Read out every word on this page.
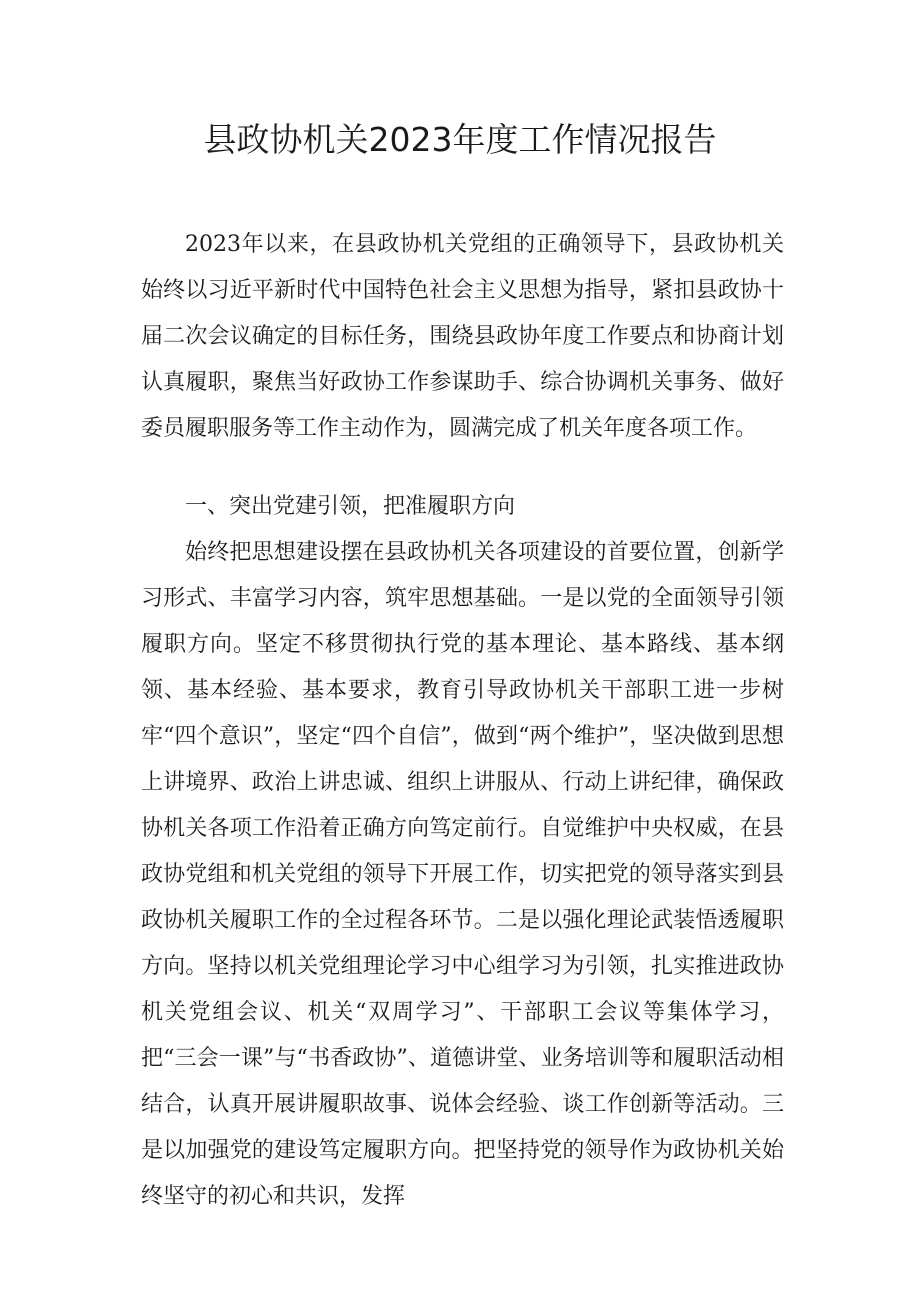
县政协机关2023年度工作情况报告

2023年以来，在县政协机关党组的正确领导下，县政协机关始终以习近平新时代中国特色社会主义思想为指导，紧扣县政协十届二次会议确定的目标任务，围绕县政协年度工作要点和协商计划认真履职，聚焦当好政协工作参谋助手、综合协调机关事务、做好委员履职服务等工作主动作为，圆满完成了机关年度各项工作。

一、突出党建引领，把准履职方向

始终把思想建设摆在县政协机关各项建设的首要位置，创新学习形式、丰富学习内容，筑牢思想基础。一是以党的全面领导引领履职方向。坚定不移贯彻执行党的基本理论、基本路线、基本纲领、基本经验、基本要求，教育引导政协机关干部职工进一步树牢“四个意识”，坚定“四个自信”，做到“两个维护”，坚决做到思想上讲境界、政治上讲忠诚、组织上讲服从、行动上讲纪律，确保政协机关各项工作沿着正确方向笃定前行。自觉维护中央权威，在县政协党组和机关党组的领导下开展工作，切实把党的领导落实到县政协机关履职工作的全过程各环节。二是以强化理论武装悟透履职方向。坚持以机关党组理论学习中心组学习为引领，扎实推进政协机关党组会议、机关“双周学习”、干部职工会议等集体学习，把“三会一课”与“书香政协”、道德讲堂、业务培训等和履职活动相结合，认真开展讲履职故事、说体会经验、谈工作创新等活动。三是以加强党的建设笃定履职方向。把坚持党的领导作为政协机关始终坚守的初心和共识，发挥
